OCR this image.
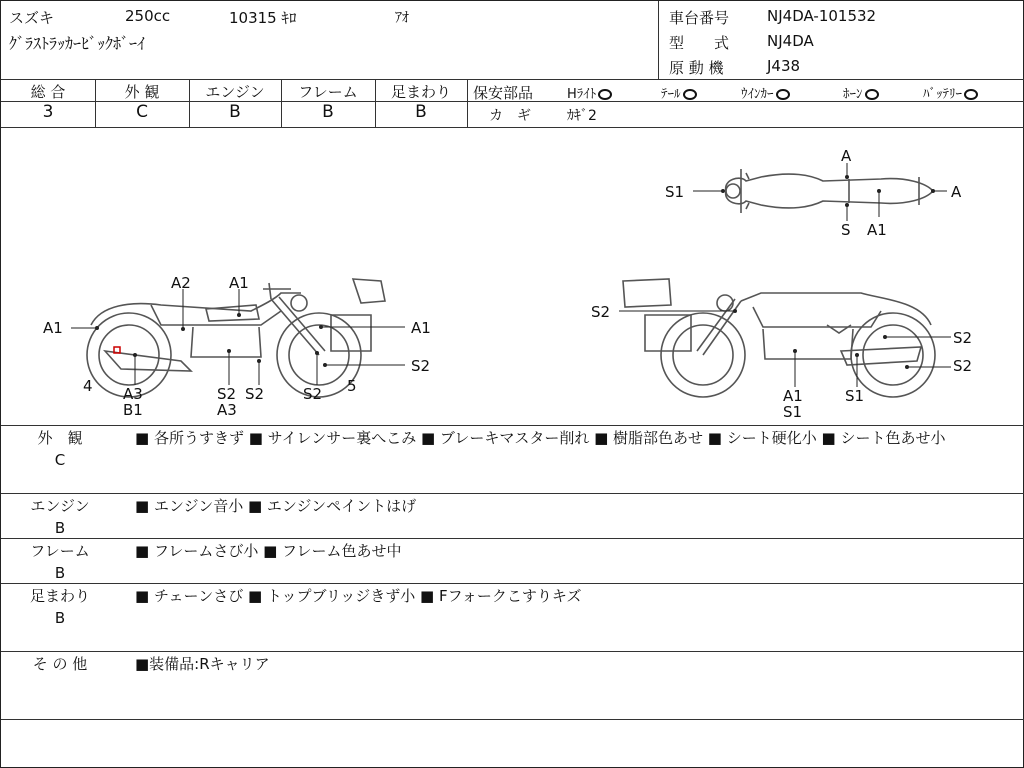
スズキ	250cc	10315 ｷﾛ	ｱｵ
ｸﾞﾗｽﾄﾗｯｶｰﾋﾞｯｸﾎﾞｰｲ
車台番号	NJ4DA-101532
型　　式	NJ4DA
原 動 機	J438
総 合	外 観	エンジン	フレーム	足まわり
3	C	B	B	B
保安部品	Hﾗｲﾄ	ﾃｰﾙ	ｳｲﾝｶｰ	ﾎｰﾝ	ﾊﾞｯﾃﾘｰ
カ　ギ	ｶｷﾞ2
A
S1	A
S A1
A2	A1
A1	A1
S2
4 A3
B1
S2
A3
S2	S2 5
S2
S2
S2
A1	S1
S1
外　観
C
■ 各所うすきず ■ サイレンサー裏へこみ ■ ブレーキマスター削れ ■ 樹脂部色あせ ■ シート硬化小 ■ シート色あせ小
エンジン
B
■ エンジン音小 ■ エンジンペイントはげ
フレーム
B
■ フレームさび小 ■ フレーム色あせ中
足まわり
B
■ チェーンさび ■ トップブリッジきず小 ■ Fフォークこすりキズ
そ の 他	■装備品:Rキャリア
